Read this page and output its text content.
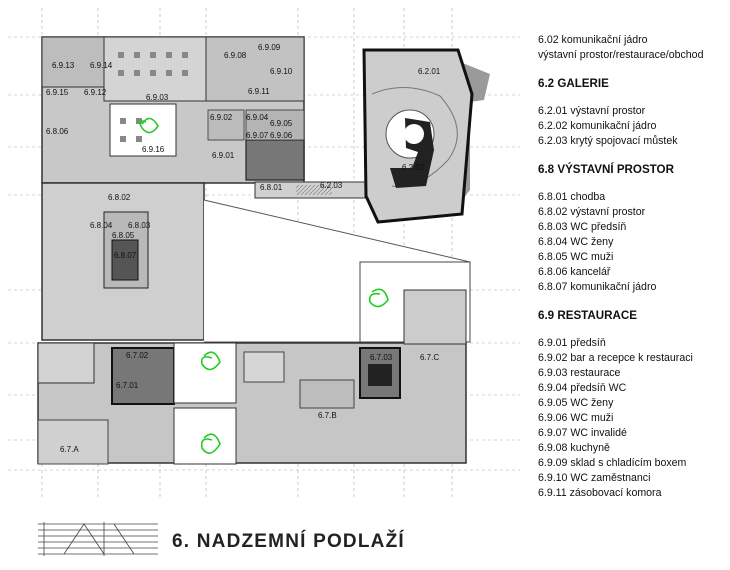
6.9.13 6.9.14
6.9.15 6.9.12
6.9.03
6.9.08
6.9.09
6.9.10
6.9.11
6.9.02 6.9.04
6.9.05
6.9.06
6.9.07
6.9.16
6.9.01
6.8.06
6.8.01	6.2.03
6.2.01
6.2.02
6.8.02
6.8.04
6.8.05
6.8.03
6.8.07
6.7.02
6.7.01
6.7.03	6.7.C
6.7.A
6.7.B
6.02 komunikační jádro
výstavní prostor/restaurace/obchod
6.2 GALERIE
6.2.01 výstavní prostor
6.2.02 komunikační jádro
6.2.03 krytý spojovací můstek
6.8 VÝSTAVNÍ PROSTOR
6.8.01 chodba
6.8.02 výstavní prostor
6.8.03 WC předsíň
6.8.04 WC ženy
6.8.05 WC muži
6.8.06 kancelář
6.8.07 komunikační jádro
6.9 RESTAURACE
6.9.01 předsíň
6.9.02 bar a recepce k restauraci
6.9.03 restaurace
6.9.04 předsíň WC
6.9.05 WC ženy
6.9.06 WC muži
6.9.07 WC invalidé
6.9.08 kuchyně
6.9.09 sklad s chladícím boxem
6.9.10 WC zaměstnanci
6.9.11 zásobovací komora
6. NADZEMNÍ PODLAŽÍ
